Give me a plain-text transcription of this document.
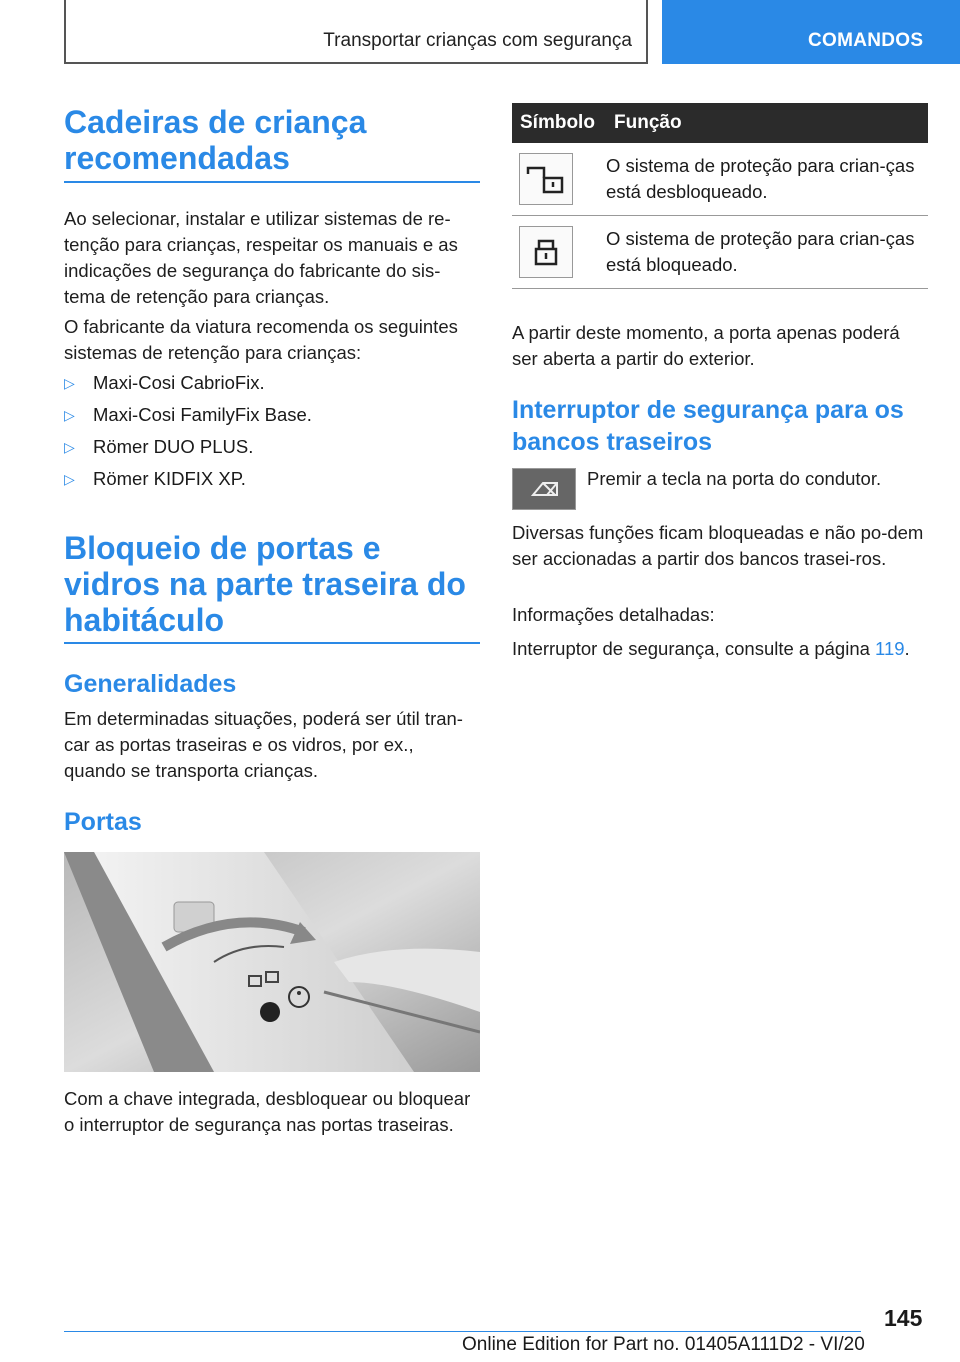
Transportar crianças com segurança	COMANDOS
Cadeiras de criança recomendadas

Ao selecionar, instalar e utilizar sistemas de re-tenção para crianças, respeitar os manuais e as indicações de segurança do fabricante do sis-tema de retenção para crianças.

O fabricante da viatura recomenda os seguintes sistemas de retenção para crianças:

▷ Maxi-Cosi CabrioFix.
▷ Maxi-Cosi FamilyFix Base.
▷ Römer DUO PLUS.
▷ Römer KIDFIX XP.
Bloqueio de portas e vidros na parte traseira do habitáculo
Generalidades

Em determinadas situações, poderá ser útil tran-car as portas traseiras e os vidros, por ex., quando se transporta crianças.

Portas

Com a chave integrada, desbloquear ou bloquear o interruptor de segurança nas portas traseiras.

Símbolo	Função

	O sistema de proteção para crian-ças está desbloqueado.

	O sistema de proteção para crian-ças está bloqueado.

A partir deste momento, a porta apenas poderá ser aberta a partir do exterior.

Interruptor de segurança para os bancos traseiros

Premir a tecla na porta do condutor.

Diversas funções ficam bloqueadas e não po-dem ser accionadas a partir dos bancos trasei-ros.

Informações detalhadas:

Interruptor de segurança, consulte a página 119.

145
Online Edition for Part no. 01405A111D2 - VI/20
